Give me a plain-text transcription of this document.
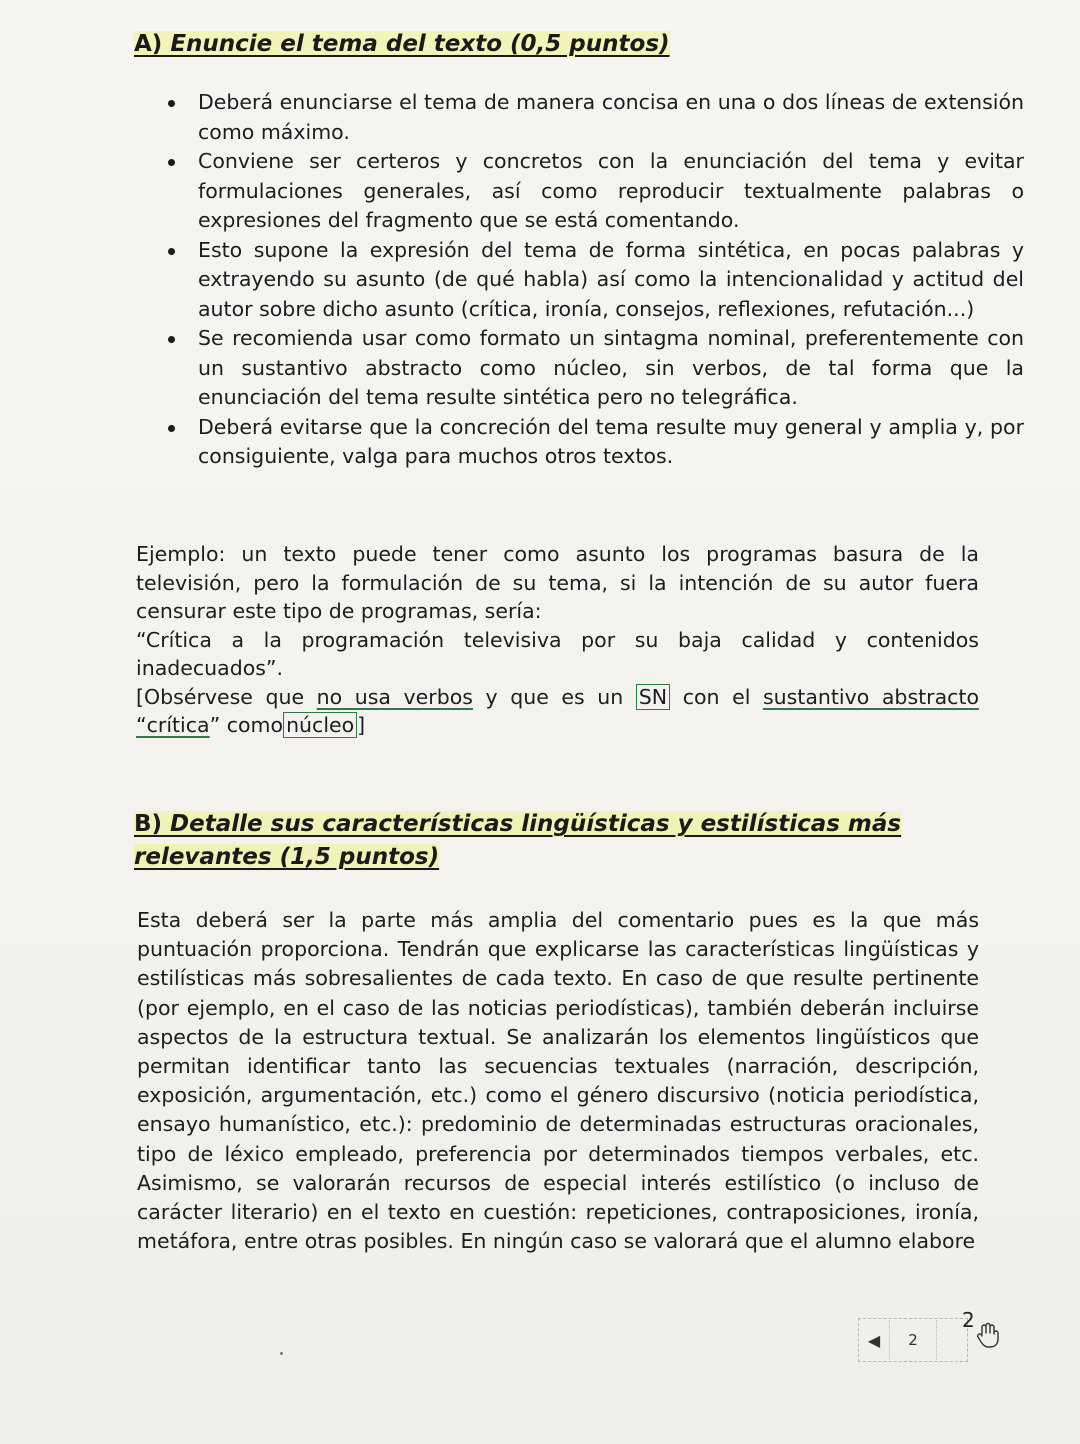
A) Enuncie el tema del texto (0,5 puntos)
Deberá enunciarse el tema de manera concisa en una o dos líneas de extensión como máximo.
Conviene ser certeros y concretos con la enunciación del tema y evitar formulaciones generales, así como reproducir textualmente palabras o expresiones del fragmento que se está comentando.
Esto supone la expresión del tema de forma sintética, en pocas palabras y extrayendo su asunto (de qué habla) así como la intencionalidad y actitud del autor sobre dicho asunto (crítica, ironía, consejos, reflexiones, refutación...)
Se recomienda usar como formato un sintagma nominal, preferentemente con un sustantivo abstracto como núcleo, sin verbos, de tal forma que la enunciación del tema resulte sintética pero no telegráfica.
Deberá evitarse que la concreción del tema resulte muy general y amplia y, por consiguiente, valga para muchos otros textos.

Ejemplo: un texto puede tener como asunto los programas basura de la televisión, pero la formulación de su tema, si la intención de su autor fuera censurar este tipo de programas, sería:

“Crítica a la programación televisiva por su baja calidad y contenidos inadecuados”.

[Obsérvese que no usa verbos y que es un SN con el sustantivo abstracto “crítica” como núcleo ]

B) Detalle sus características lingüísticas y estilísticas más relevantes (1,5 puntos)

Esta deberá ser la parte más amplia del comentario pues es la que más puntuación proporciona. Tendrán que explicarse las características lingüísticas y estilísticas más sobresalientes de cada texto. En caso de que resulte pertinente (por ejemplo, en el caso de las noticias periodísticas), también deberán incluirse aspectos de la estructura textual. Se analizarán los elementos lingüísticos que permitan identificar tanto las secuencias textuales (narración, descripción, exposición, argumentación, etc.) como el género discursivo (noticia periodística, ensayo humanístico, etc.): predominio de determinadas estructuras oracionales, tipo de léxico empleado, preferencia por determinados tiempos verbales, etc. Asimismo, se valorarán recursos de especial interés estilístico (o incluso de carácter literario) en el texto en cuestión: repeticiones, contraposiciones, ironía, metáfora, entre otras posibles. En ningún caso se valorará que el alumno elabore

◀	2
2
